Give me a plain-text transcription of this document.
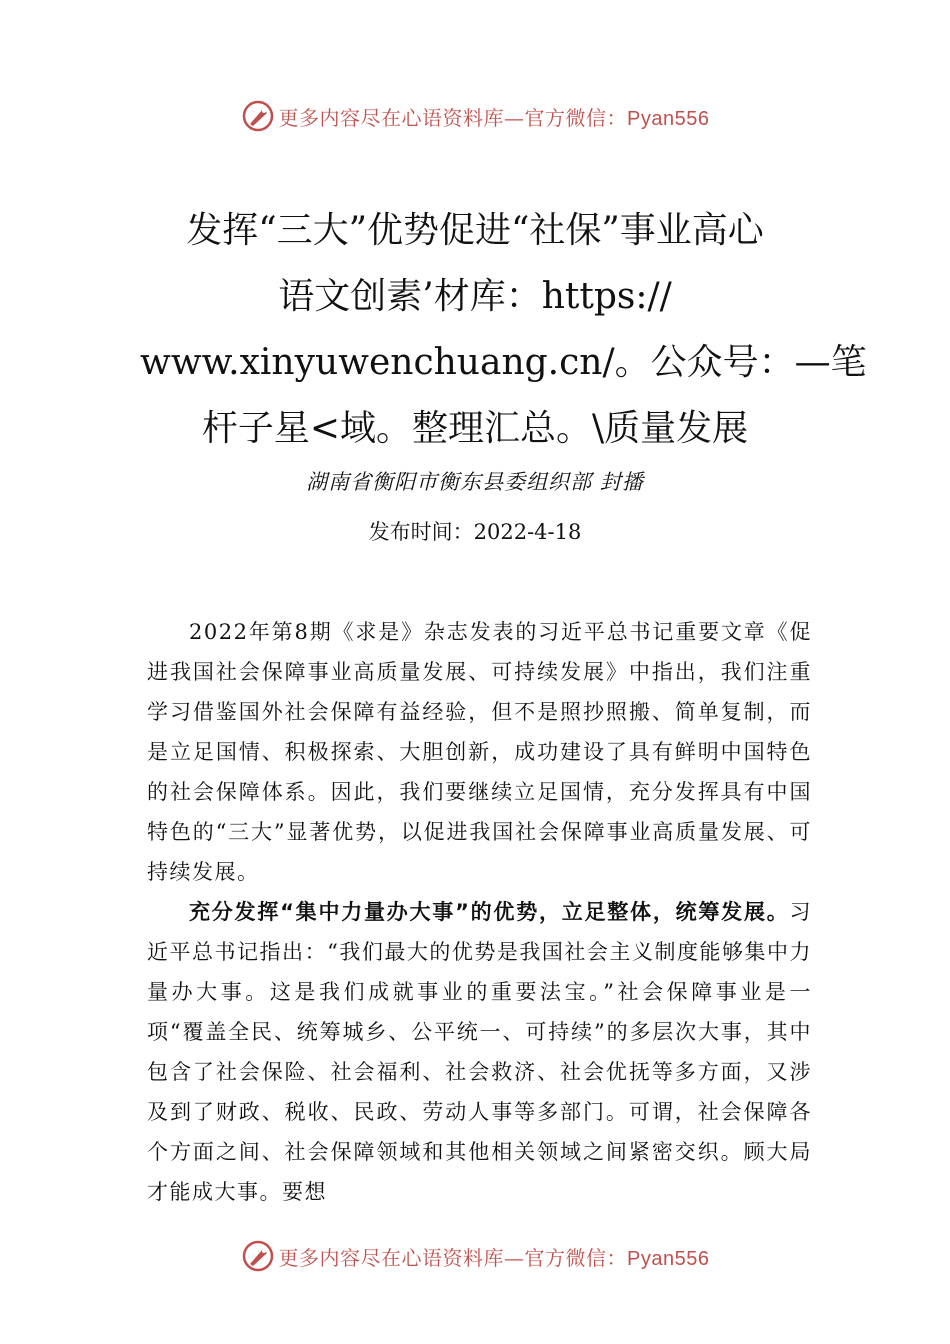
更多内容尽在心语资料库—官方微信：Pyan556
发挥“三大”优势促进“社保”事业高心
语文创素’材库：https://
www.xinyuwenchuang.cn/。公众号：—笔
杆子星<域。整理汇总。\质量发展
湖南省衡阳市衡东县委组织部 封播
发布时间：2022-4-18

2022年第8期《求是》杂志发表的习近平总书记重要文章《促进我国社会保障事业高质量发展、可持续发展》中指出，我们注重学习借鉴国外社会保障有益经验，但不是照抄照搬、简单复制，而是立足国情、积极探索、大胆创新，成功建设了具有鲜明中国特色的社会保障体系。因此，我们要继续立足国情，充分发挥具有中国特色的“三大”显著优势，以促进我国社会保障事业高质量发展、可持续发展。

充分发挥“集中力量办大事”的优势，立足整体，统筹发展。习近平总书记指出：“我们最大的优势是我国社会主义制度能够集中力量办大事。这是我们成就事业的重要法宝。”社会保障事业是一项“覆盖全民、统筹城乡、公平统一、可持续”的多层次大事，其中包含了社会保险、社会福利、社会救济、社会优抚等多方面，又涉及到了财政、税收、民政、劳动人事等多部门。可谓，社会保障各个方面之间、社会保障领域和其他相关领域之间紧密交织。顾大局才能成大事。要想

更多内容尽在心语资料库—官方微信：Pyan556
